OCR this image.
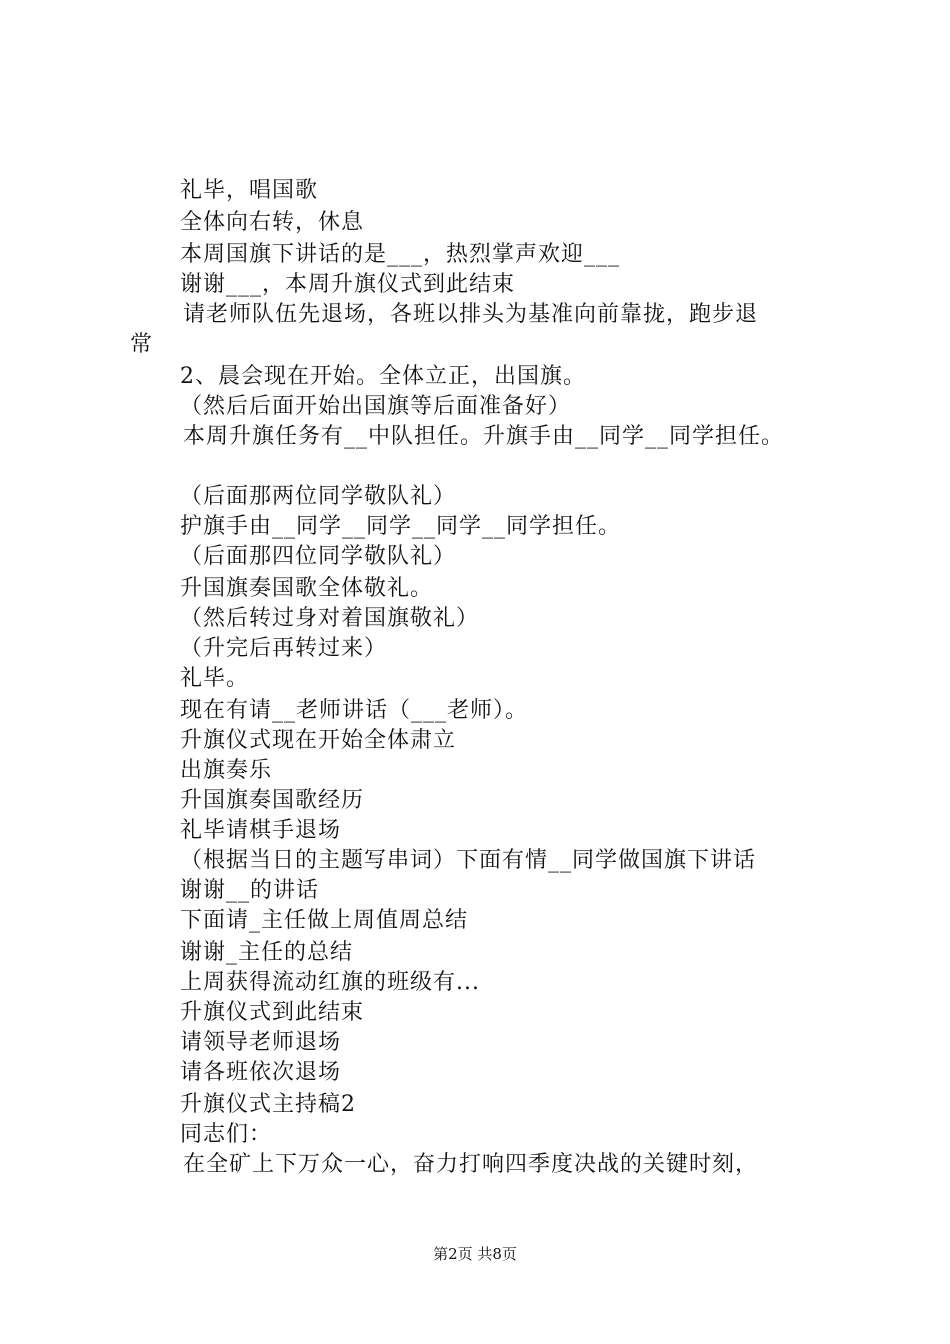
礼毕，唱国歌
全体向右转，休息
本周国旗下讲话的是___，热烈掌声欢迎___
谢谢___，本周升旗仪式到此结束
请老师队伍先退场，各班以排头为基准向前靠拢，跑步退
常
2、晨会现在开始。全体立正，出国旗。
（然后后面开始出国旗等后面准备好）
本周升旗任务有__中队担任。升旗手由__同学__同学担任。
（后面那两位同学敬队礼）
护旗手由__同学__同学__同学__同学担任。
（后面那四位同学敬队礼）
升国旗奏国歌全体敬礼。
（然后转过身对着国旗敬礼）
（升完后再转过来）
礼毕。
现在有请__老师讲话（___老师）。
升旗仪式现在开始全体肃立
出旗奏乐
升国旗奏国歌经历
礼毕请棋手退场
（根据当日的主题写串词）下面有情__同学做国旗下讲话
谢谢__的讲话
下面请_主任做上周值周总结
谢谢_主任的总结
上周获得流动红旗的班级有...
升旗仪式到此结束
请领导老师退场
请各班依次退场
升旗仪式主持稿2
同志们：
在全矿上下万众一心，奋力打响四季度决战的关键时刻，
第2页 共8页
